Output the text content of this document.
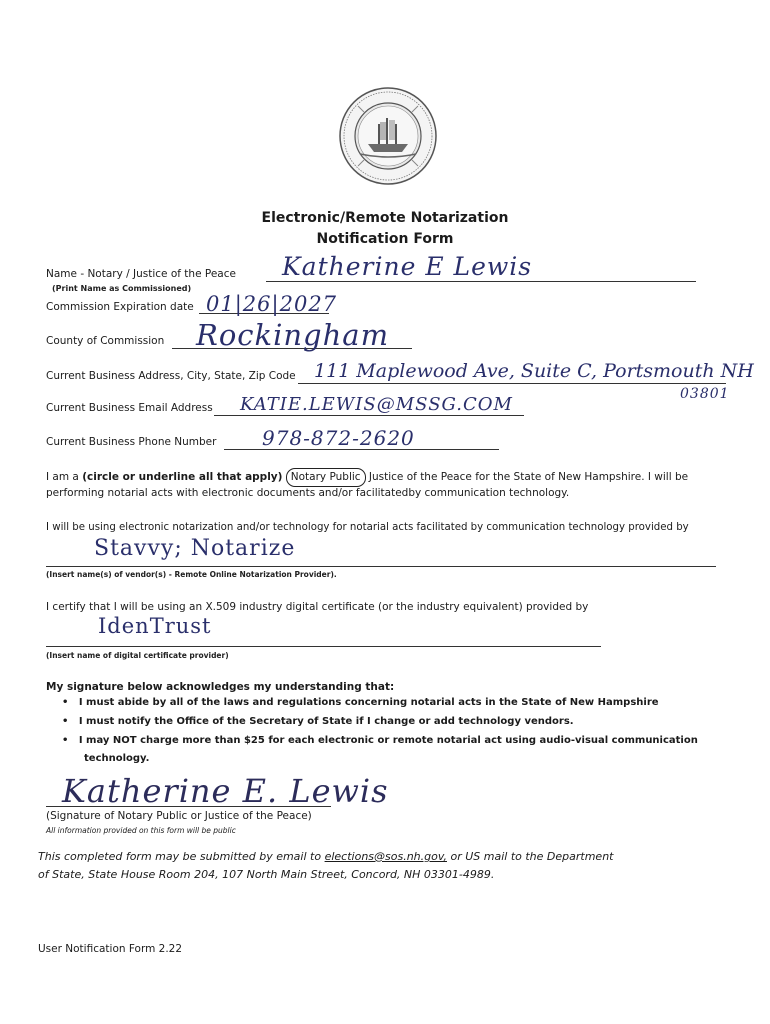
Electronic/Remote Notarization
Notification Form
Name - Notary / Justice of the Peace
(Print Name as Commissioned)
Katherine E Lewis
Commission Expiration date 01|26|2027
County of Commission Rockingham
Current Business Address, City, State, Zip Code 111 Maplewood Ave, Suite C, Portsmouth NH
03801
Current Business Email Address KATIE.LEWIS@MSSG.COM
Current Business Phone Number 978-872-2620
I am a (circle or underline all that apply) Notary Public Justice of the Peace for the State of New Hampshire. I will be
performing notarial acts with electronic documents and/or facilitatedby communication technology.
I will be using electronic notarization and/or technology for notarial acts facilitated by communication technology provided by
Stavvy; Notarize
(Insert name(s) of vendor(s) - Remote Online Notarization Provider).
I certify that I will be using an X.509 industry digital certificate (or the industry equivalent) provided by
IdenTrust
(Insert name of digital certificate provider)
My signature below acknowledges my understanding that:
•   I must abide by all of the laws and regulations concerning notarial acts in the State of New Hampshire
•   I must notify the Office of the Secretary of State if I change or add technology vendors.
•   I may NOT charge more than $25 for each electronic or remote notarial act using audio-visual communication
technology.
Katherine E. Lewis
(Signature of Notary Public or Justice of the Peace)
All information provided on this form will be public
This completed form may be submitted by email to elections@sos.nh.gov, or US mail to the Department
of State, State House Room 204, 107 North Main Street, Concord, NH 03301-4989.
User Notification Form 2.22
